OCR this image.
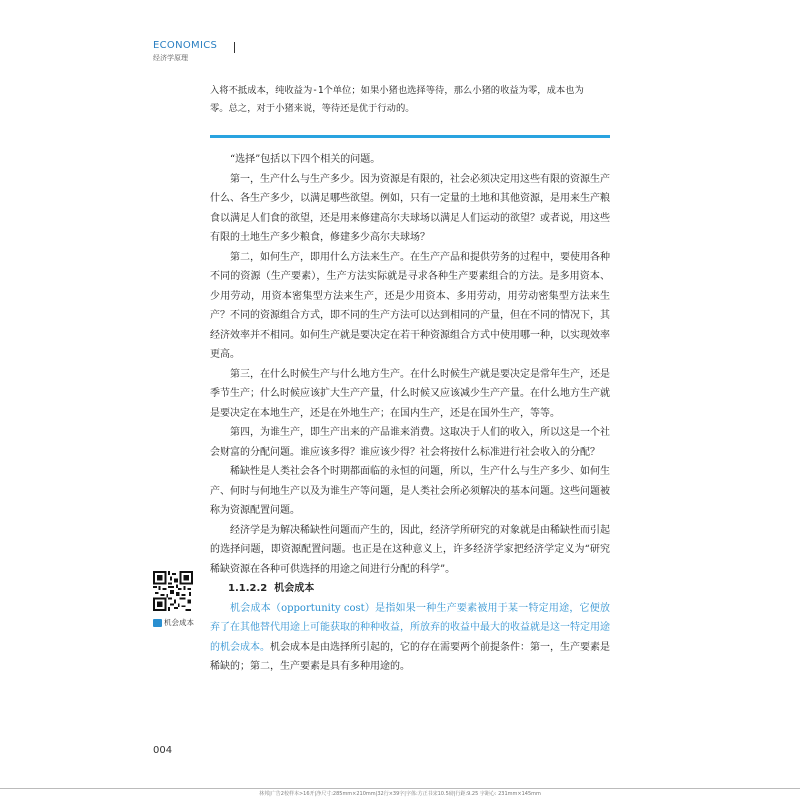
ECONOMICS
经济学原理
入将不抵成本，纯收益为-1个单位；如果小猪也选择等待，那么小猪的收益为零，成本也为
零。总之，对于小猪来说，等待还是优于行动的。

“选择”包括以下四个相关的问题。

第一，生产什么与生产多少。因为资源是有限的，社会必须决定用这些有限的资源生产什么、各生产多少，以满足哪些欲望。例如，只有一定量的土地和其他资源，是用来生产粮食以满足人们食的欲望，还是用来修建高尔夫球场以满足人们运动的欲望？或者说，用这些有限的土地生产多少粮食，修建多少高尔夫球场？

第二，如何生产，即用什么方法来生产。在生产产品和提供劳务的过程中，要使用各种不同的资源（生产要素），生产方法实际就是寻求各种生产要素组合的方法。是多用资本、少用劳动，用资本密集型方法来生产，还是少用资本、多用劳动，用劳动密集型方法来生产？不同的资源组合方式，即不同的生产方法可以达到相同的产量，但在不同的情况下，其经济效率并不相同。如何生产就是要决定在若干种资源组合方式中使用哪一种，以实现效率更高。

第三，在什么时候生产与什么地方生产。在什么时候生产就是要决定是常年生产，还是季节生产；什么时候应该扩大生产产量，什么时候又应该减少生产产量。在什么地方生产就是要决定在本地生产，还是在外地生产；在国内生产，还是在国外生产，等等。

第四，为谁生产，即生产出来的产品谁来消费。这取决于人们的收入，所以这是一个社会财富的分配问题。谁应该多得？谁应该少得？社会将按什么标准进行社会收入的分配？

稀缺性是人类社会各个时期都面临的永恒的问题，所以，生产什么与生产多少、如何生产、何时与何地生产以及为谁生产等问题，是人类社会所必须解决的基本问题。这些问题被称为资源配置问题。

经济学是为解决稀缺性问题而产生的，因此，经济学所研究的对象就是由稀缺性而引起的选择问题，即资源配置问题。也正是在这种意义上，许多经济学家把经济学定义为“研究稀缺资源在各种可供选择的用途之间进行分配的科学”。

1.1.2.2 机会成本

机会成本（opportunity cost）是指如果一种生产要素被用于某一特定用途，它便放弃了在其他替代用途上可能获取的种种收益，所放弃的收益中最大的收益就是这一特定用途的机会成本。机会成本是由选择所引起的，它的存在需要两个前提条件：第一，生产要素是稀缺的；第二，生产要素是具有多种用途的。

机会成本
004
林邦|广告2校样本>16开|净尺寸:285mm×210mm|32行×39字|字体:方正书宋10.5磅|行距:9.25 字距心: 231mm×145mm
